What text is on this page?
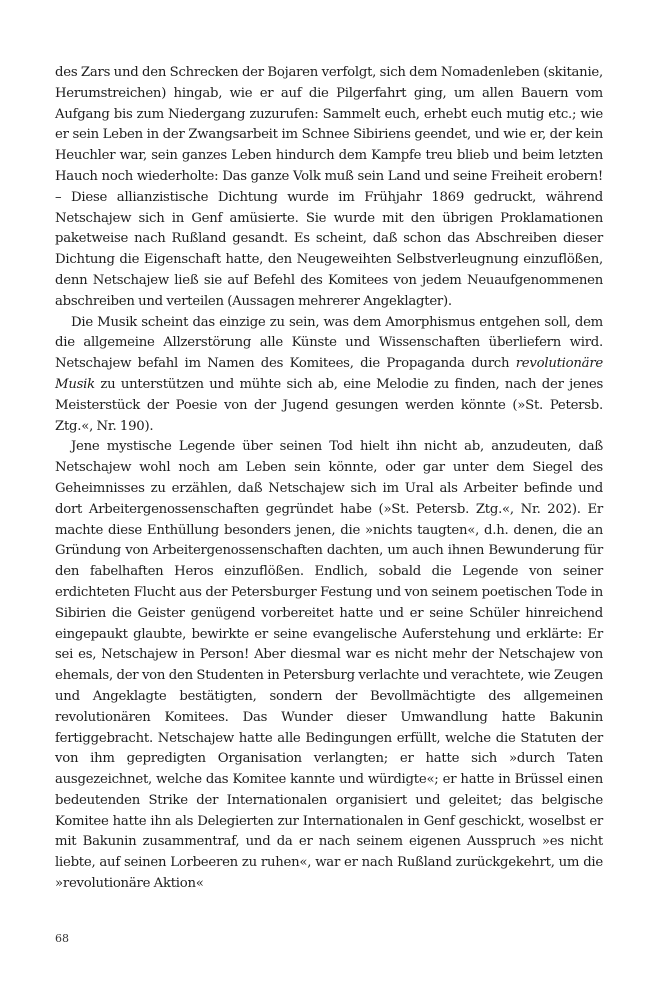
des Zars und den Schrecken der Bojaren verfolgt, sich dem Nomadenleben (skitanie, Herumstreichen) hingab, wie er auf die Pilgerfahrt ging, um allen Bauern vom Aufgang bis zum Niedergang zuzurufen: Sammelt euch, erhebt euch mutig etc.; wie er sein Leben in der Zwangsarbeit im Schnee Sibiriens geendet, und wie er, der kein Heuchler war, sein ganzes Leben hindurch dem Kampfe treu blieb und beim letzten Hauch noch wiederholte: Das ganze Volk muß sein Land und seine Freiheit erobern! – Diese allianzistische Dichtung wurde im Frühjahr 1869 gedruckt, während Netschajew sich in Genf amüsierte. Sie wurde mit den übrigen Proklamationen paketweise nach Rußland gesandt. Es scheint, daß schon das Abschreiben dieser Dichtung die Eigenschaft hatte, den Neugeweihten Selbstverleugnung einzuflößen, denn Netschajew ließ sie auf Befehl des Komitees von jedem Neuaufgenommenen abschreiben und verteilen (Aussagen mehrerer Angeklagter).

Die Musik scheint das einzige zu sein, was dem Amorphismus entgehen soll, dem die allgemeine Allzerstörung alle Künste und Wissenschaften überliefern wird. Netschajew befahl im Namen des Komitees, die Propaganda durch revolutionäre Musik zu unterstützen und mühte sich ab, eine Melodie zu finden, nach der jenes Meisterstück der Poesie von der Jugend gesungen werden könnte (»St. Petersb. Ztg.«, Nr. 190).

Jene mystische Legende über seinen Tod hielt ihn nicht ab, anzudeuten, daß Netschajew wohl noch am Leben sein könnte, oder gar unter dem Siegel des Geheimnisses zu erzählen, daß Netschajew sich im Ural als Arbeiter befinde und dort Arbeitergenossenschaften gegründet habe (»St. Petersb. Ztg.«, Nr. 202). Er machte diese Enthüllung besonders jenen, die »nichts taugten«, d.h. denen, die an Gründung von Arbeitergenossenschaften dachten, um auch ihnen Bewunderung für den fabelhaften Heros einzuflößen. Endlich, sobald die Legende von seiner erdichteten Flucht aus der Petersburger Festung und von seinem poetischen Tode in Sibirien die Geister genügend vorbereitet hatte und er seine Schüler hinreichend eingepaukt glaubte, bewirkte er seine evangelische Auferstehung und erklärte: Er sei es, Netschajew in Person! Aber diesmal war es nicht mehr der Netschajew von ehemals, der von den Studenten in Petersburg verlachte und verachtete, wie Zeugen und Angeklagte bestätigten, sondern der Bevollmächtigte des allgemeinen revolutionären Komitees. Das Wunder dieser Umwandlung hatte Bakunin fertiggebracht. Netschajew hatte alle Bedingungen erfüllt, welche die Statuten der von ihm gepredigten Organisation verlangten; er hatte sich »durch Taten ausgezeichnet, welche das Komitee kannte und würdigte«; er hatte in Brüssel einen bedeutenden Strike der Internationalen organisiert und geleitet; das belgische Komitee hatte ihn als Delegierten zur Internationalen in Genf geschickt, woselbst er mit Bakunin zusammentraf, und da er nach seinem eigenen Ausspruch »es nicht liebte, auf seinen Lorbeeren zu ruhen«, war er nach Rußland zurückgekehrt, um die »revolutionäre Aktion«

68
